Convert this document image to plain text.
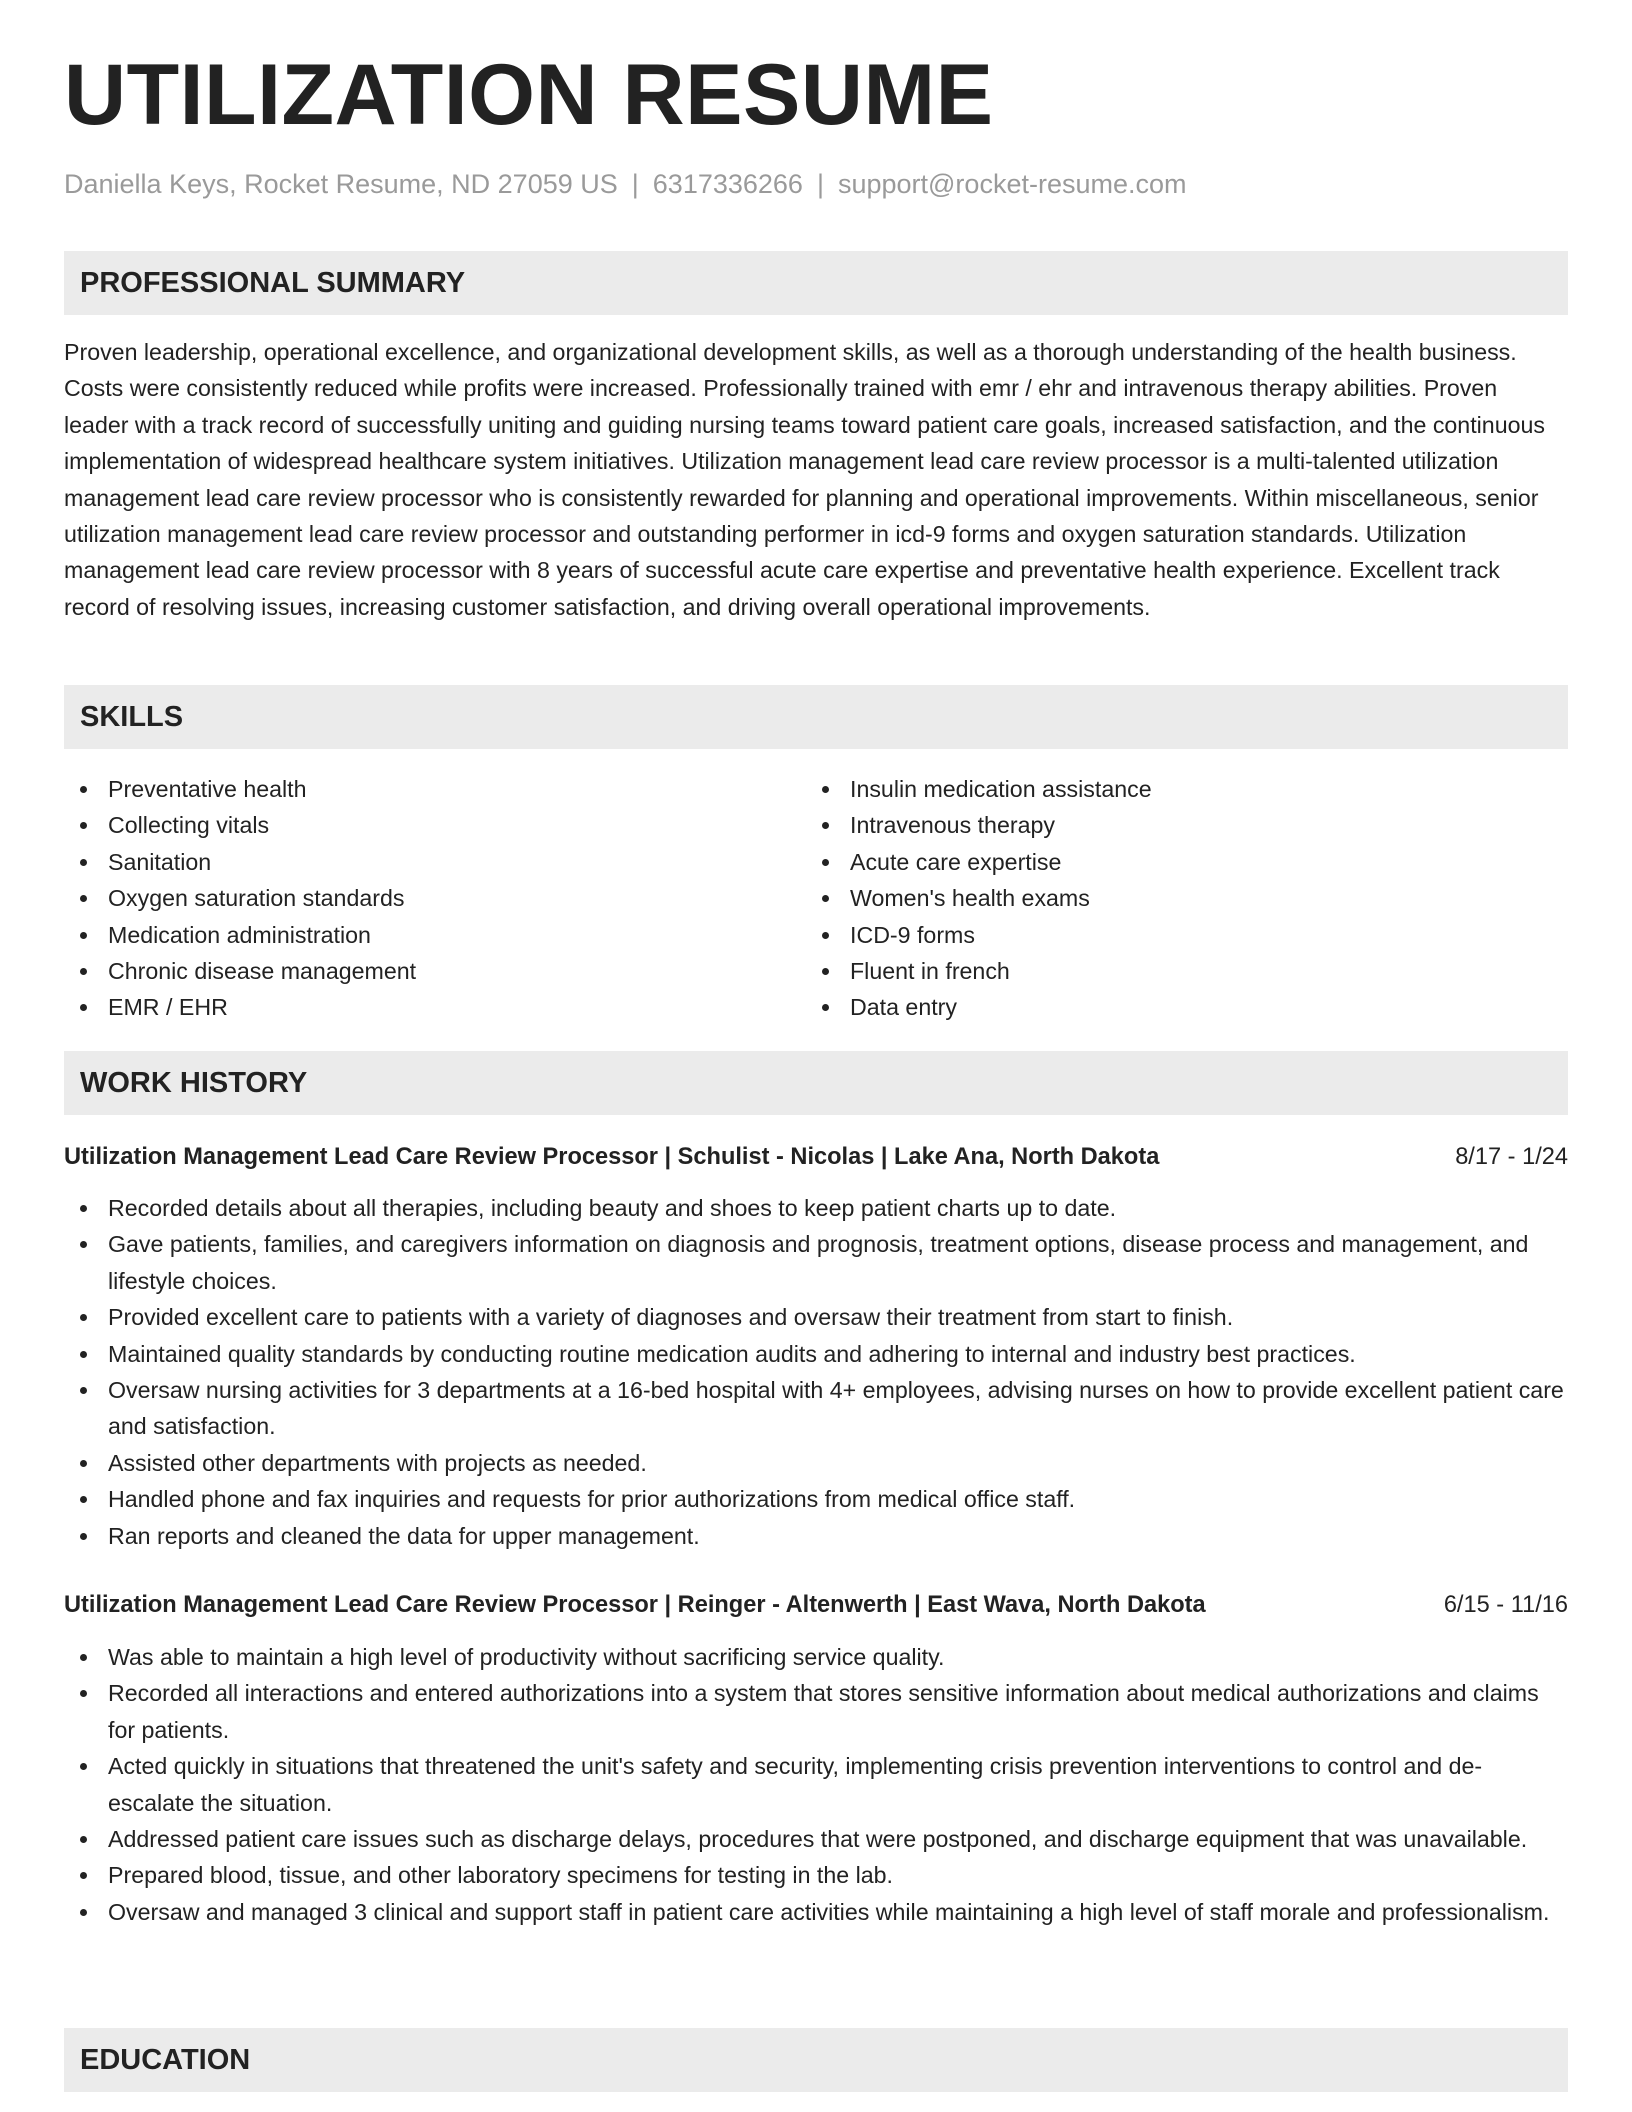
UTILIZATION RESUME
Daniella Keys, Rocket Resume, ND 27059 US | 6317336266 | support@rocket-resume.com
PROFESSIONAL SUMMARY

Proven leadership, operational excellence, and organizational development skills, as well as a thorough understanding of the health business. Costs were consistently reduced while profits were increased. Professionally trained with emr / ehr and intravenous therapy abilities. Proven leader with a track record of successfully uniting and guiding nursing teams toward patient care goals, increased satisfaction, and the continuous implementation of widespread healthcare system initiatives. Utilization management lead care review processor is a multi-talented utilization management lead care review processor who is consistently rewarded for planning and operational improvements. Within miscellaneous, senior utilization management lead care review processor and outstanding performer in icd-9 forms and oxygen saturation standards. Utilization management lead care review processor with 8 years of successful acute care expertise and preventative health experience. Excellent track record of resolving issues, increasing customer satisfaction, and driving overall operational improvements.

SKILLS
Preventative health
Collecting vitals
Sanitation
Oxygen saturation standards
Medication administration
Chronic disease management
EMR / EHR
Insulin medication assistance
Intravenous therapy
Acute care expertise
Women's health exams
ICD-9 forms
Fluent in french
Data entry
WORK HISTORY
Utilization Management Lead Care Review Processor | Schulist - Nicolas | Lake Ana, North Dakota	8/17 - 1/24
Recorded details about all therapies, including beauty and shoes to keep patient charts up to date.
Gave patients, families, and caregivers information on diagnosis and prognosis, treatment options, disease process and management, and lifestyle choices.
Provided excellent care to patients with a variety of diagnoses and oversaw their treatment from start to finish.
Maintained quality standards by conducting routine medication audits and adhering to internal and industry best practices.
Oversaw nursing activities for 3 departments at a 16-bed hospital with 4+ employees, advising nurses on how to provide excellent patient care and satisfaction.
Assisted other departments with projects as needed.
Handled phone and fax inquiries and requests for prior authorizations from medical office staff.
Ran reports and cleaned the data for upper management.
Utilization Management Lead Care Review Processor | Reinger - Altenwerth | East Wava, North Dakota	6/15 - 11/16
Was able to maintain a high level of productivity without sacrificing service quality.
Recorded all interactions and entered authorizations into a system that stores sensitive information about medical authorizations and claims for patients.
Acted quickly in situations that threatened the unit's safety and security, implementing crisis prevention interventions to control and de-escalate the situation.
Addressed patient care issues such as discharge delays, procedures that were postponed, and discharge equipment that was unavailable.
Prepared blood, tissue, and other laboratory specimens for testing in the lab.
Oversaw and managed 3 clinical and support staff in patient care activities while maintaining a high level of staff morale and professionalism.
EDUCATION
